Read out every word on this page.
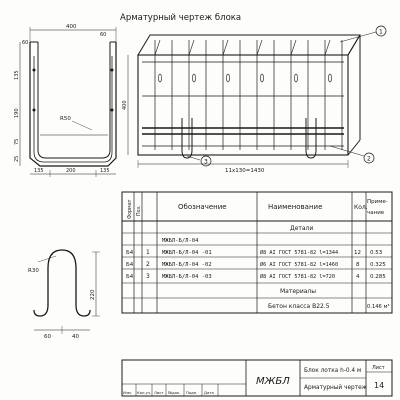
Арматурный чертеж блока
400
60
60
135
190
75
25
R50
135	200	135
400
11x130=1430
1
2
3
Формат Поз.	Обозначение	Наименование	Кол.
Приме-
чание
Детали
МЖБЛ-Б/Л-04
Б4 1 МЖБЛ-Б/Л-04 -01	Ø8 АI ГОСТ 5781-82 l=1344	12 0.53
Б4 2 МЖБЛ-Б/Л-04 -02	Ø6 АI ГОСТ 5781-82 l=1460	8 0.325
Б4 3 МЖБЛ-Б/Л-04 -03	Ø8 АI ГОСТ 5781-82 l=720	4 0.285
Материалы
Бетон класса В22.5	0.146 м³
R30
220
60	40
Изм. Кол.уч. Лист №док. Подп. Дата
МЖБЛ
Блок лотка h-0.4 м
Арматурный чертеж
Лист
14
